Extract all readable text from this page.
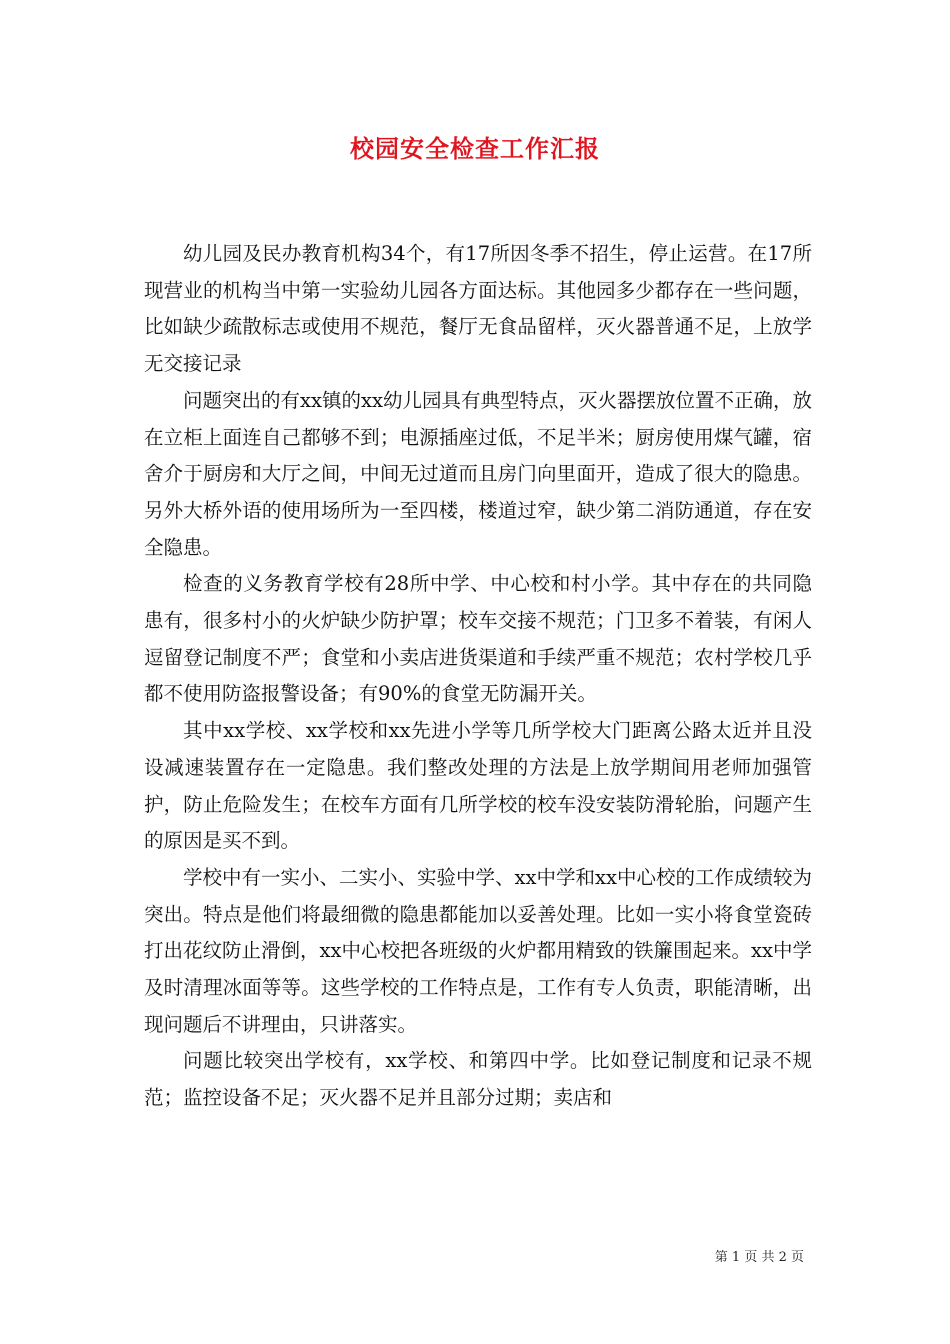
校园安全检查工作汇报

幼儿园及民办教育机构34个，有17所因冬季不招生，停止运营。在17所现营业的机构当中第一实验幼儿园各方面达标。其他园多少都存在一些问题，比如缺少疏散标志或使用不规范，餐厅无食品留样，灭火器普通不足，上放学无交接记录

问题突出的有xx镇的xx幼儿园具有典型特点，灭火器摆放位置不正确，放在立柜上面连自己都够不到；电源插座过低，不足半米；厨房使用煤气罐，宿舍介于厨房和大厅之间，中间无过道而且房门向里面开，造成了很大的隐患。另外大桥外语的使用场所为一至四楼，楼道过窄，缺少第二消防通道，存在安全隐患。

检查的义务教育学校有28所中学、中心校和村小学。其中存在的共同隐患有，很多村小的火炉缺少防护罩；校车交接不规范；门卫多不着装，有闲人逗留登记制度不严；食堂和小卖店进货渠道和手续严重不规范；农村学校几乎都不使用防盗报警设备；有90%的食堂无防漏开关。

其中xx学校、xx学校和xx先进小学等几所学校大门距离公路太近并且没设减速装置存在一定隐患。我们整改处理的方法是上放学期间用老师加强管护，防止危险发生；在校车方面有几所学校的校车没安装防滑轮胎，问题产生的原因是买不到。

学校中有一实小、二实小、实验中学、xx中学和xx中心校的工作成绩较为突出。特点是他们将最细微的隐患都能加以妥善处理。比如一实小将食堂瓷砖打出花纹防止滑倒，xx中心校把各班级的火炉都用精致的铁簾围起来。xx中学及时清理冰面等等。这些学校的工作特点是，工作有专人负责，职能清晰，出现问题后不讲理由，只讲落实。

问题比较突出学校有，xx学校、和第四中学。比如登记制度和记录不规范；监控设备不足；灭火器不足并且部分过期；卖店和

第 1 页 共 2 页
